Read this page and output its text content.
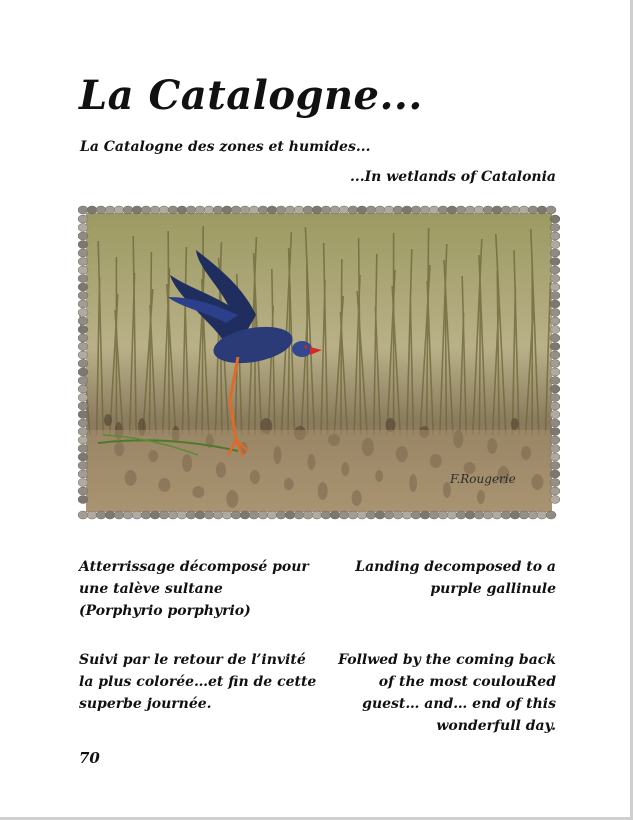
La Catalogne...
La Catalogne des zones et humides...
...In wetlands of Catalonia
F.Rougerie
Atterrissage décomposé pour
une talève sultane
(Porphyrio porphyrio)
Landing decomposed to a
purple gallinule
Suivi par le retour de l’invité
la plus colorée…et fin de cette
superbe journée.
Follwed by the coming back
of the most coulouRed
guest… and… end of this
wonderfull day.
70
